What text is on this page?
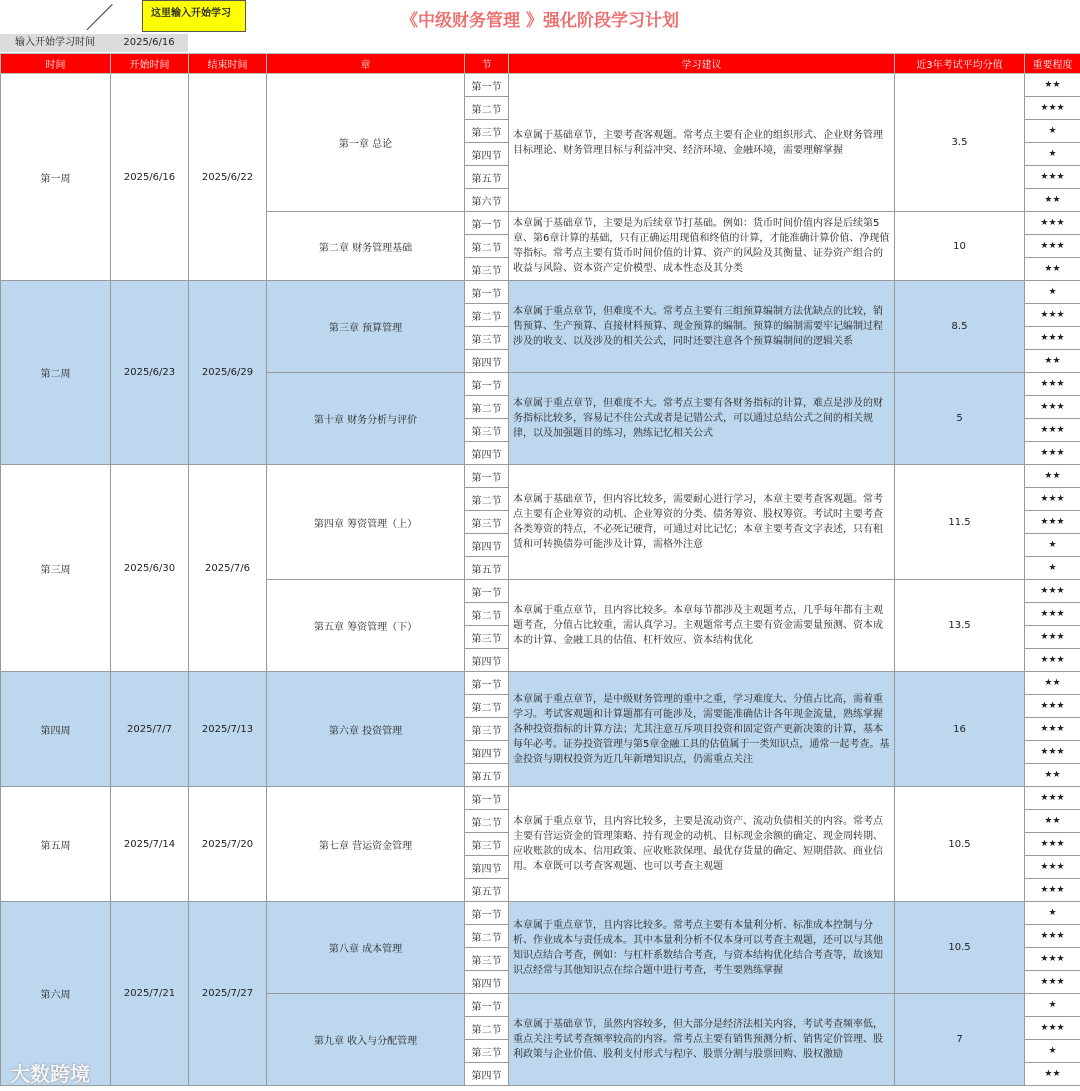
《中级财务管理 》强化阶段学习计划
这里输入开始学习
输入开始学习时间	2025/6/16
时间	开始时间	结束时间	章	节	学习建议	近3年考试平均分值	重要程度
第一周	2025/6/16	2025/6/22	第一章 总论	第一节	本章属于基础章节，主要考查客观题。常考点主要有企业的组织形式、企业财务管理目标理论、财务管理目标与利益冲突、经济环境、金融环境，需要理解掌握	3.5	★★
				第二节			★★★
				第三节			★
				第四节			★
				第五节			★★★
				第六节			★★
			第二章 财务管理基础	第一节	本章属于基础章节，主要是为后续章节打基础。例如：货币时间价值内容是后续第5章、第6章计算的基础，只有正确运用现值和终值的计算，才能准确计算价值、净现值等指标。常考点主要有货币时间价值的计算、资产的风险及其衡量、证券资产组合的收益与风险、资本资产定价模型、成本性态及其分类	10	★★★
				第二节			★★★
				第三节			★★
第二周	2025/6/23	2025/6/29	第三章 预算管理	第一节	本章属于重点章节，但难度不大。常考点主要有三组预算编制方法优缺点的比较，销售预算、生产预算、直接材料预算、现金预算的编制。预算的编制需要牢记编制过程涉及的收支、以及涉及的相关公式，同时还要注意各个预算编制间的逻辑关系	8.5	★
				第二节			★★★
				第三节			★★★
				第四节			★★
			第十章 财务分析与评价	第一节	本章属于重点章节，但难度不大。常考点主要有各财务指标的计算，难点是涉及的财务指标比较多，容易记不住公式或者是记错公式，可以通过总结公式之间的相关规律，以及加强题目的练习，熟练记忆相关公式	5	★★★
				第二节			★★★
				第三节			★★★
				第四节			★★★
第三周	2025/6/30	2025/7/6	第四章 筹资管理（上）	第一节	本章属于基础章节，但内容比较多，需要耐心进行学习，本章主要考查客观题。常考点主要有企业筹资的动机、企业筹资的分类、债务筹资、股权筹资。考试时主要考查各类筹资的特点，不必死记硬背，可通过对比记忆；本章主要考查文字表述，只有租赁和可转换债券可能涉及计算，需格外注意	11.5	★★
				第二节			★★★
				第三节			★★★
				第四节			★
				第五节			★
			第五章 筹资管理（下）	第一节	本章属于重点章节，且内容比较多。本章每节都涉及主观题考点，几乎每年都有主观题考查，分值占比较重，需认真学习。主观题常考点主要有资金需要量预测、资本成本的计算、金融工具的估值、杠杆效应、资本结构优化	13.5	★★★
				第二节			★★★
				第三节			★★★
				第四节			★★★
第四周	2025/7/7	2025/7/13	第六章 投资管理	第一节	本章属于重点章节，是中级财务管理的重中之重，学习难度大、分值占比高，需着重学习。考试客观题和计算题都有可能涉及，需要能准确估计各年现金流量，熟练掌握各种投资指标的计算方法；尤其注意互斥项目投资和固定资产更新决策的计算，基本每年必考。证券投资管理与第5章金融工具的估值属于一类知识点，通常一起考查。基金投资与期权投资为近几年新增知识点，仍需重点关注	16	★★
				第二节			★★★
				第三节			★★★
				第四节			★★★
				第五节			★★
第五周	2025/7/14	2025/7/20	第七章 营运资金管理	第一节	本章属于重点章节，且内容比较多，主要是流动资产、流动负债相关的内容。常考点主要有营运资金的管理策略、持有现金的动机、目标现金余额的确定、现金周转期、应收账款的成本、信用政策、应收账款保理、最优存货量的确定、短期借款、商业信用。本章既可以考查客观题、也可以考查主观题	10.5	★★★
				第二节			★★
				第三节			★★★
				第四节			★★★
				第五节			★★★
第六周	2025/7/21	2025/7/27	第八章 成本管理	第一节	本章属于重点章节，且内容比较多。常考点主要有本量利分析、标准成本控制与分析、作业成本与责任成本。其中本量利分析不仅本身可以考查主观题，还可以与其他知识点结合考查，例如：与杠杆系数结合考查，与资本结构优化结合考查等，故该知识点经常与其他知识点在综合题中进行考查，考生要熟练掌握	10.5	★
				第二节			★★★
				第三节			★★★
				第四节			★★★
			第九章 收入与分配管理	第一节	本章属于基础章节，虽然内容较多，但大部分是经济法相关内容，考试考查频率低，重点关注考试考查频率较高的内容。常考点主要有销售预测分析、销售定价管理、股利政策与企业价值、股利支付形式与程序、股票分割与股票回购、股权激励	7	★
				第二节			★★★
				第三节			★
				第四节			★★
大数跨境
